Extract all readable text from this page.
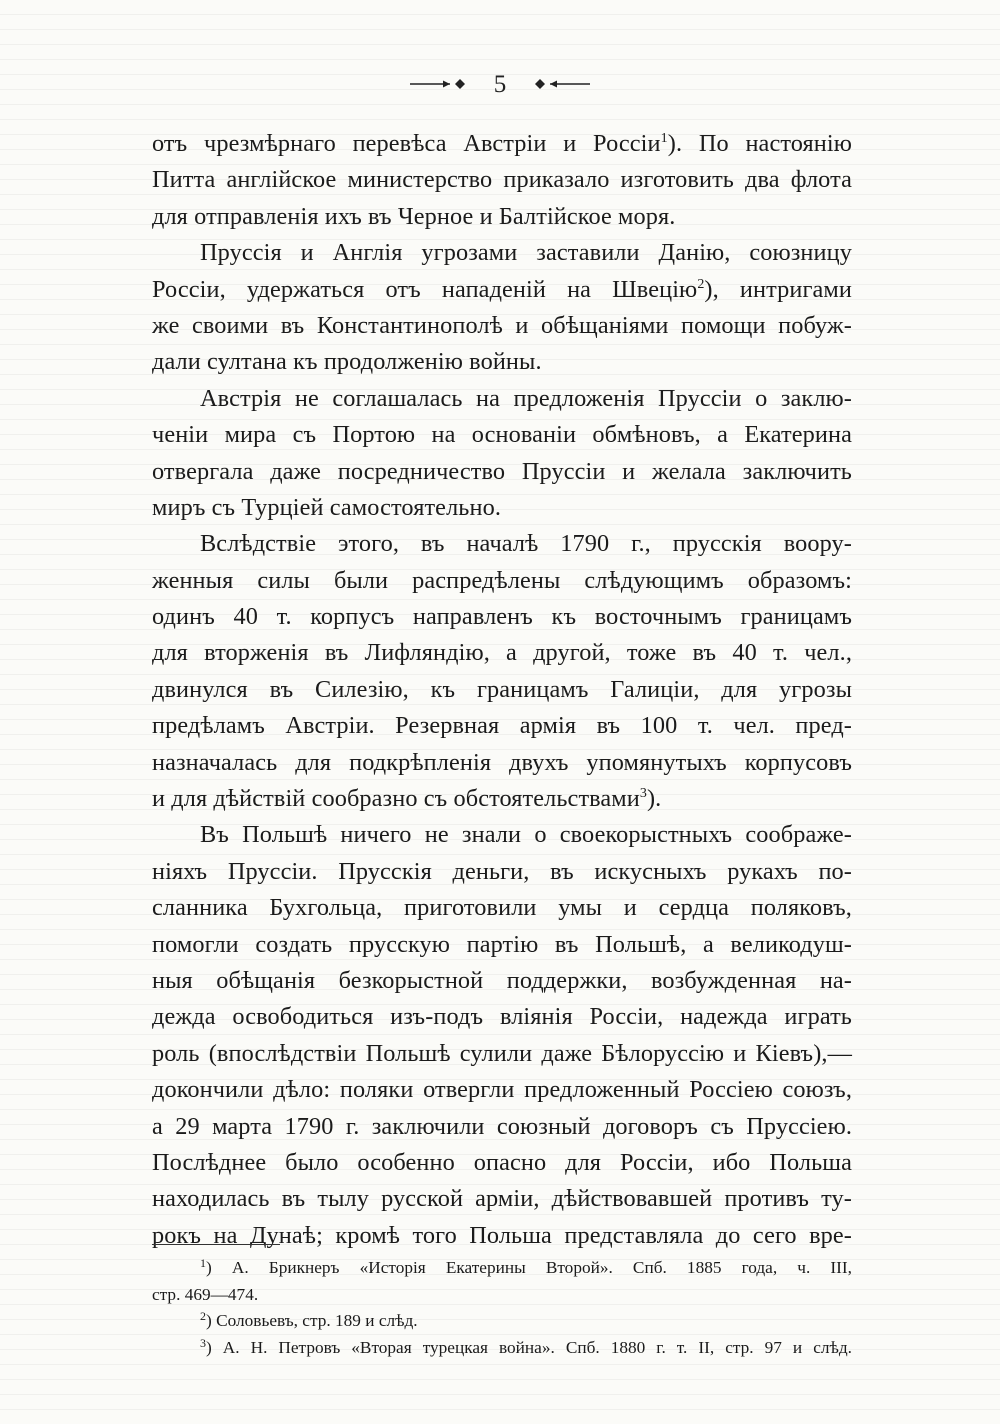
5
отъ чрезмѣрнаго перевѣса Австріи и Россіи$^1$). По настоянію
Питта англійское министерство приказало изготовить два флота
для отправленія ихъ въ Черное и Балтійское моря.
Пруссія и Англія угрозами заставили Данію, союзницу
Россіи, удержаться отъ нападеній на Швецію$^2$), интригами
же своими въ Константинополѣ и обѣщаніями помощи побуж-
дали султана къ продолженію войны.
Австрія не соглашалась на предложенія Пруссіи о заклю-
ченіи мира съ Портою на основаніи обмѣновъ, а Екатерина
отвергала даже посредничество Пруссіи и желала заключить
миръ съ Турціей самостоятельно.
Вслѣдствіе этого, въ началѣ 1790 г., прусскія воору-
женныя силы были распредѣлены слѣдующимъ образомъ:
одинъ 40 т. корпусъ направленъ къ восточнымъ границамъ
для вторженія въ Лифляндію, а другой, тоже въ 40 т. чел.,
двинулся въ Силезію, къ границамъ Галиціи, для угрозы
предѣламъ Австріи. Резервная армія въ 100 т. чел. пред-
назначалась для подкрѣпленія двухъ упомянутыхъ корпусовъ
и для дѣйствій сообразно съ обстоятельствами$^3$).
Въ Польшѣ ничего не знали о своекорыстныхъ соображе-
ніяхъ Пруссіи. Прусскія деньги, въ искусныхъ рукахъ по-
сланника Бухгольца, приготовили умы и сердца поляковъ,
помогли создать прусскую партію въ Польшѣ, а великодуш-
ныя обѣщанія безкорыстной поддержки, возбужденная на-
дежда освободиться изъ-подъ вліянія Россіи, надежда играть
роль (впослѣдствіи Польшѣ сулили даже Бѣлоруссію и Кіевъ),—
докончили дѣло: поляки отвергли предложенный Россіею союзъ,
а 29 марта 1790 г. заключили союзный договоръ съ Пруссіею.
Послѣднее было особенно опасно для Россіи, ибо Польша
находилась въ тылу русской арміи, дѣйствовавшей противъ ту-
рокъ на Дунаѣ; кромѣ того Польша представляла до сего вре-
$^1$) А. Брикнеръ «Исторія Екатерины Второй». Спб. 1885 года, ч. III,
стр. 469—474.
$^2$) Соловьевъ, стр. 189 и слѣд.
$^3$) А. Н. Петровъ «Вторая турецкая война». Спб. 1880 г. т. II, стр. 97 и слѣд.
